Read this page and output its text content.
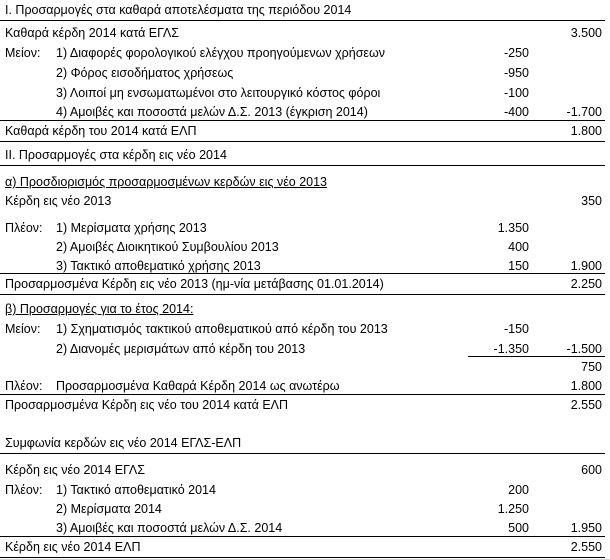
I. Προσαρμογές στα καθαρά αποτελέσματα της περιόδου 2014
Καθαρά κέρδη 2014 κατά ΕΓΛΣ	3.500
Μείον: 1) Διαφορές φορολογικού ελέγχου προηγούμενων χρήσεων	-250
2) Φόρος εισοδήματος χρήσεως	-950
3) Λοιποί μη ενσωματωμένοι στο λειτουργικό κόστος φόροι	-100
4) Αμοιβές και ποσοστά μελών Δ.Σ. 2013 (έγκριση 2014)	-400	-1.700
Καθαρά κέρδη του 2014 κατά ΕΛΠ	1.800
II. Προσαρμογές στα κέρδη εις νέο 2014
α) Προσδιορισμός προσαρμοσμένων κερδών εις νέο 2013
Κέρδη εις νέο 2013	350
Πλέον: 1) Μερίσματα χρήσης 2013	1.350
2) Αμοιβές Διοικητικού Συμβουλίου 2013	400
3) Τακτικό αποθεματικό χρήσης 2013	150	1.900
Προσαρμοσμένα Κέρδη εις νέο 2013 (ημ-νία μετάβασης 01.01.2014)	2.250
β) Προσαρμογές για το έτος 2014:
Μείον: 1) Σχηματισμός τακτικού αποθεματικού από κέρδη του 2013	-150
2) Διανομές μερισμάτων από κέρδη του 2013	-1.350	-1.500
750
Πλέον: Προσαρμοσμένα Καθαρά Κέρδη 2014 ως ανωτέρω	1.800
Προσαρμοσμένα Κέρδη εις νέο του 2014 κατά ΕΛΠ	2.550
Συμφωνία κερδών εις νέο 2014 ΕΓΛΣ-ΕΛΠ
Κέρδη εις νέο 2014 ΕΓΛΣ	600
Πλέον: 1) Τακτικό αποθεματικό 2014	200
2) Μερίσματα 2014	1.250
3) Αμοιβές και ποσοστά μελών Δ.Σ. 2014	500	1.950
Κέρδη εις νέο 2014 ΕΛΠ	2.550
